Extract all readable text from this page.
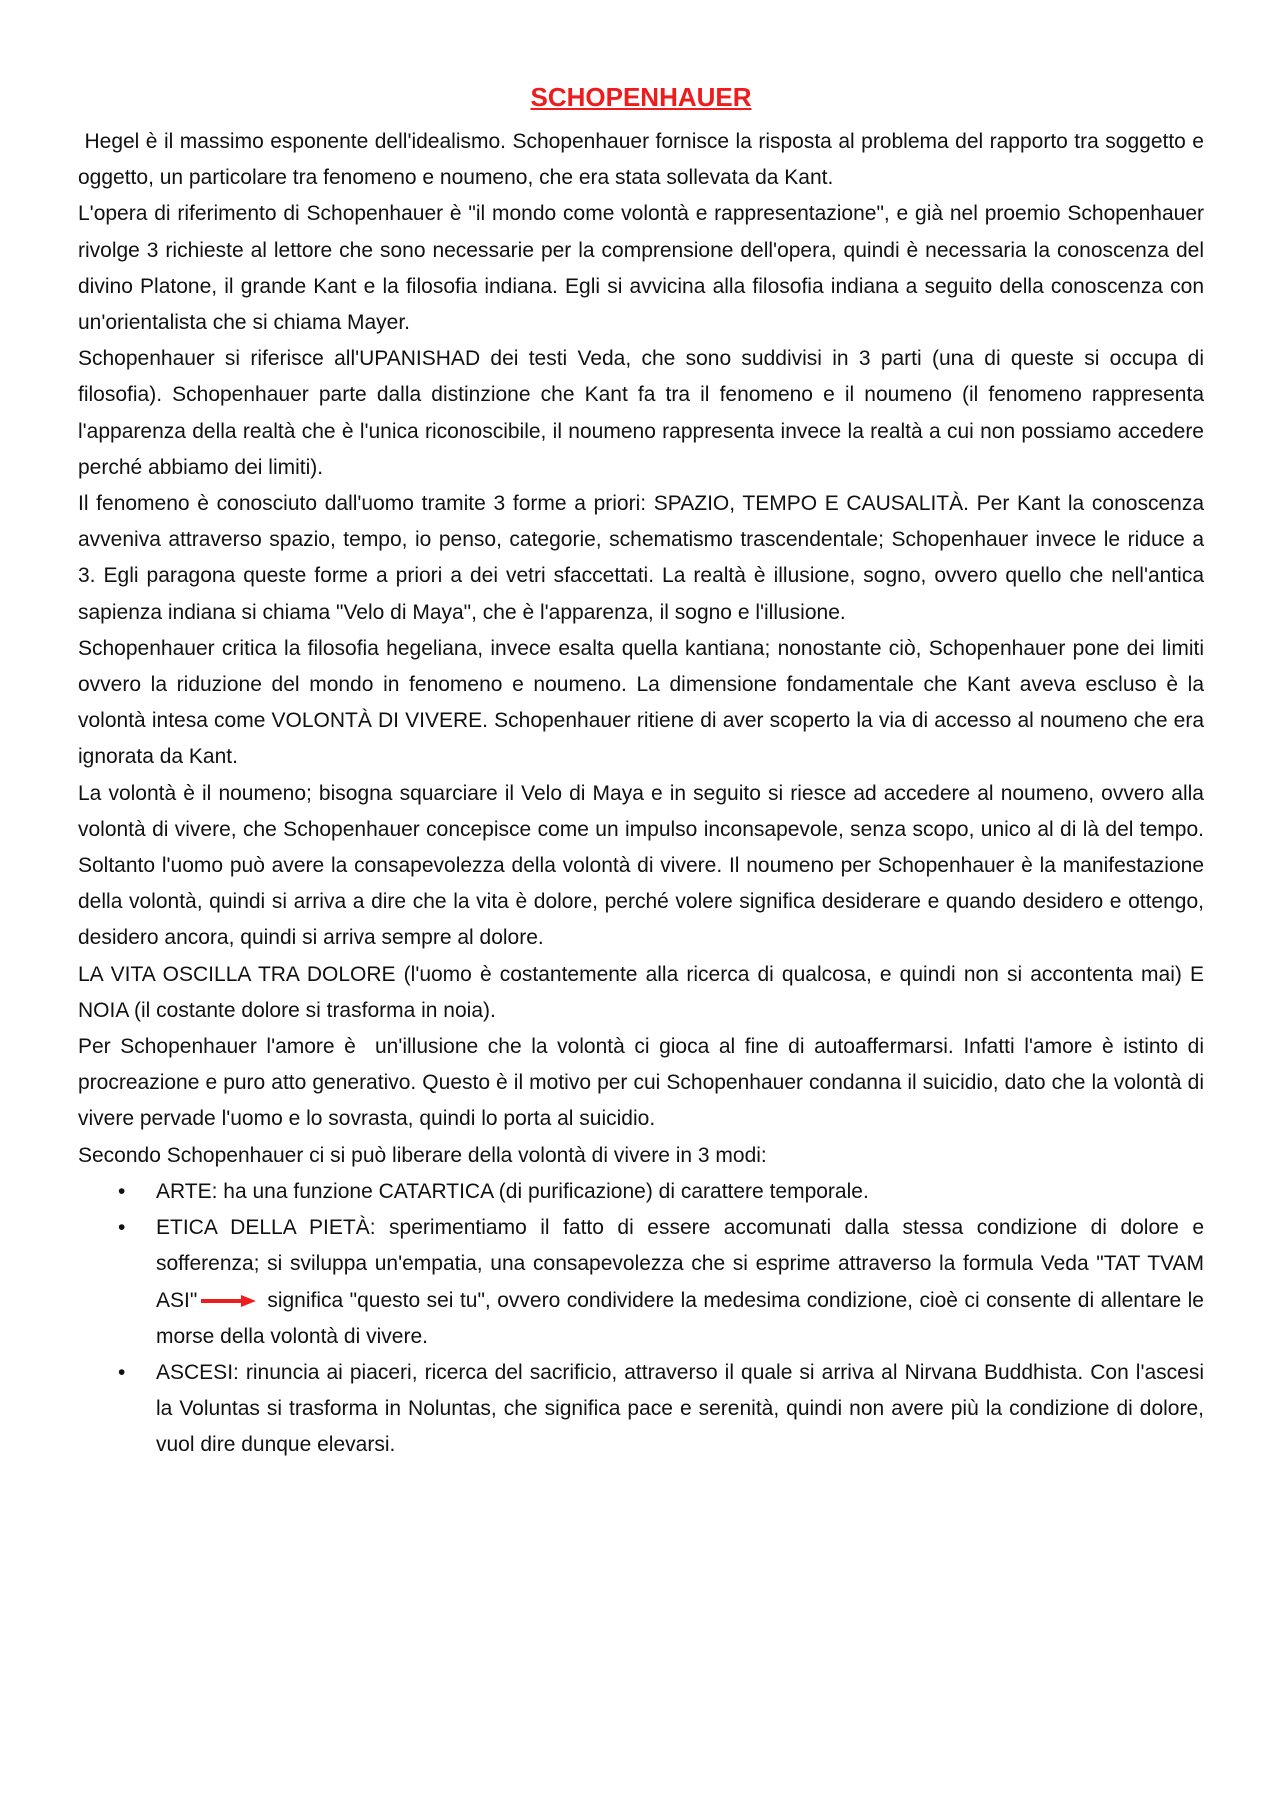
SCHOPENHAUER

Hegel è il massimo esponente dell'idealismo. Schopenhauer fornisce la risposta al problema del rapporto tra soggetto e oggetto, un particolare tra fenomeno e noumeno, che era stata sollevata da Kant.

L'opera di riferimento di Schopenhauer è "il mondo come volontà e rappresentazione", e già nel proemio Schopenhauer rivolge 3 richieste al lettore che sono necessarie per la comprensione dell'opera, quindi è necessaria la conoscenza del divino Platone, il grande Kant e la filosofia indiana. Egli si avvicina alla filosofia indiana a seguito della conoscenza con un'orientalista che si chiama Mayer.

Schopenhauer si riferisce all'UPANISHAD dei testi Veda, che sono suddivisi in 3 parti (una di queste si occupa di filosofia). Schopenhauer parte dalla distinzione che Kant fa tra il fenomeno e il noumeno (il fenomeno rappresenta l'apparenza della realtà che è l'unica riconoscibile, il noumeno rappresenta invece la realtà a cui non possiamo accedere perché abbiamo dei limiti).

Il fenomeno è conosciuto dall'uomo tramite 3 forme a priori: SPAZIO, TEMPO E CAUSALITÀ. Per Kant la conoscenza avveniva attraverso spazio, tempo, io penso, categorie, schematismo trascendentale; Schopenhauer invece le riduce a 3. Egli paragona queste forme a priori a dei vetri sfaccettati. La realtà è illusione, sogno, ovvero quello che nell'antica sapienza indiana si chiama "Velo di Maya", che è l'apparenza, il sogno e l'illusione.

Schopenhauer critica la filosofia hegeliana, invece esalta quella kantiana; nonostante ciò, Schopenhauer pone dei limiti ovvero la riduzione del mondo in fenomeno e noumeno. La dimensione fondamentale che Kant aveva escluso è la volontà intesa come VOLONTÀ DI VIVERE. Schopenhauer ritiene di aver scoperto la via di accesso al noumeno che era ignorata da Kant.

La volontà è il noumeno; bisogna squarciare il Velo di Maya e in seguito si riesce ad accedere al noumeno, ovvero alla volontà di vivere, che Schopenhauer concepisce come un impulso inconsapevole, senza scopo, unico al di là del tempo. Soltanto l'uomo può avere la consapevolezza della volontà di vivere. Il noumeno per Schopenhauer è la manifestazione della volontà, quindi si arriva a dire che la vita è dolore, perché volere significa desiderare e quando desidero e ottengo, desidero ancora, quindi si arriva sempre al dolore.

LA VITA OSCILLA TRA DOLORE (l'uomo è costantemente alla ricerca di qualcosa, e quindi non si accontenta mai) E NOIA (il costante dolore si trasforma in noia).

Per Schopenhauer l'amore è  un'illusione che la volontà ci gioca al fine di autoaffermarsi. Infatti l'amore è istinto di procreazione e puro atto generativo. Questo è il motivo per cui Schopenhauer condanna il suicidio, dato che la volontà di vivere pervade l'uomo e lo sovrasta, quindi lo porta al suicidio.

Secondo Schopenhauer ci si può liberare della volontà di vivere in 3 modi:

• ARTE: ha una funzione CATARTICA (di purificazione) di carattere temporale.
• ETICA DELLA PIETÀ: sperimentiamo il fatto di essere accomunati dalla stessa condizione di dolore e sofferenza; si sviluppa un'empatia, una consapevolezza che si esprime attraverso la formula Veda "TAT TVAM ASI"	significa "questo sei tu", ovvero condividere la medesima condizione, cioè ci consente di allentare le morse della volontà di vivere.
• ASCESI: rinuncia ai piaceri, ricerca del sacrificio, attraverso il quale si arriva al Nirvana Buddhista. Con l'ascesi la Voluntas si trasforma in Noluntas, che significa pace e serenità, quindi non avere più la condizione di dolore, vuol dire dunque elevarsi.
